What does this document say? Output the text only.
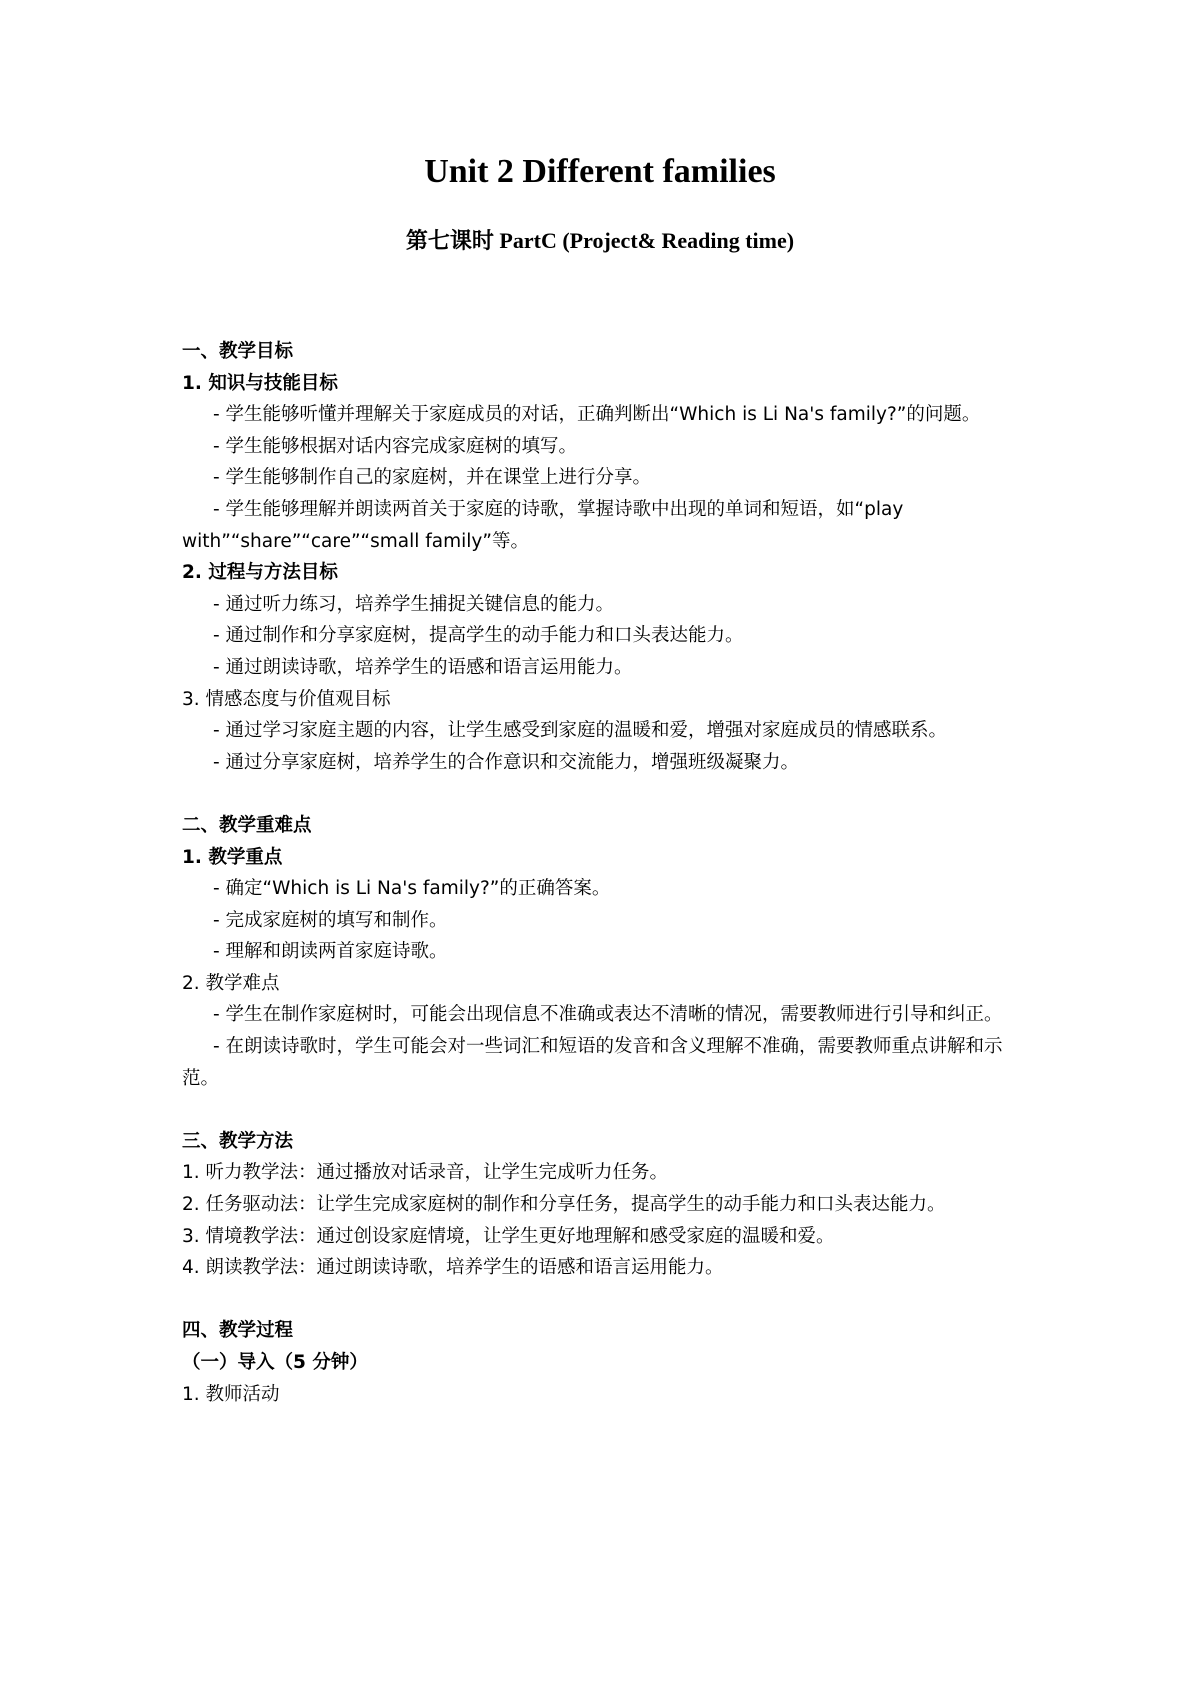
Unit 2 Different families
第七课时 PartC (Project& Reading time)

一、教学目标

1. 知识与技能目标

- 学生能够听懂并理解关于家庭成员的对话，正确判断出“Which is Li Na's family?”的问题。

- 学生能够根据对话内容完成家庭树的填写。

- 学生能够制作自己的家庭树，并在课堂上进行分享。

- 学生能够理解并朗读两首关于家庭的诗歌，掌握诗歌中出现的单词和短语，如“play with”“share”“care”“small family”等。

2. 过程与方法目标

- 通过听力练习，培养学生捕捉关键信息的能力。

- 通过制作和分享家庭树，提高学生的动手能力和口头表达能力。

- 通过朗读诗歌，培养学生的语感和语言运用能力。

3. 情感态度与价值观目标

- 通过学习家庭主题的内容，让学生感受到家庭的温暖和爱，增强对家庭成员的情感联系。

- 通过分享家庭树，培养学生的合作意识和交流能力，增强班级凝聚力。

二、教学重难点

1. 教学重点

- 确定“Which is Li Na's family?”的正确答案。

- 完成家庭树的填写和制作。

- 理解和朗读两首家庭诗歌。

2. 教学难点

- 学生在制作家庭树时，可能会出现信息不准确或表达不清晰的情况，需要教师进行引导和纠正。

- 在朗读诗歌时，学生可能会对一些词汇和短语的发音和含义理解不准确，需要教师重点讲解和示范。

三、教学方法

1. 听力教学法：通过播放对话录音，让学生完成听力任务。

2. 任务驱动法：让学生完成家庭树的制作和分享任务，提高学生的动手能力和口头表达能力。

3. 情境教学法：通过创设家庭情境，让学生更好地理解和感受家庭的温暖和爱。

4. 朗读教学法：通过朗读诗歌，培养学生的语感和语言运用能力。

四、教学过程

（一）导入（5 分钟）

1. 教师活动
